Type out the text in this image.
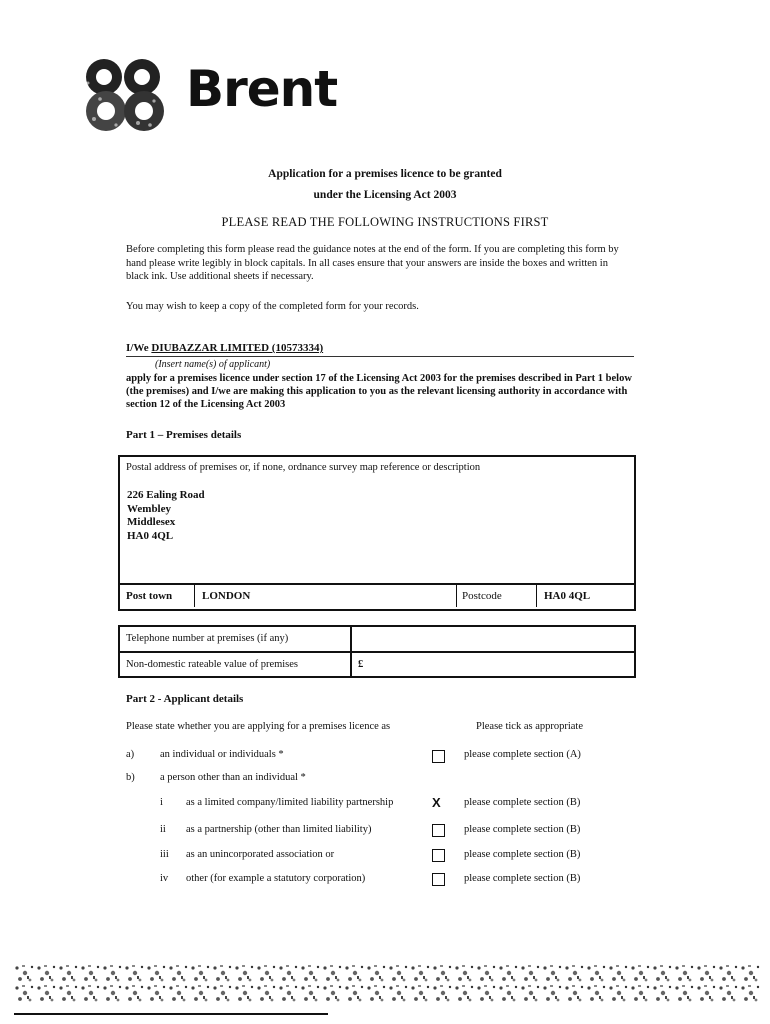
Brent
Application for a premises licence to be granted
under the Licensing Act 2003
PLEASE READ THE FOLLOWING INSTRUCTIONS FIRST
Before completing this form please read the guidance notes at the end of the form. If you are completing this form by hand please write legibly in block capitals. In all cases ensure that your answers are inside the boxes and written in black ink. Use additional sheets if necessary.
You may wish to keep a copy of the completed form for your records.
I/We DIUBAZZAR LIMITED (10573334)
(Insert name(s) of applicant)
apply for a premises licence under section 17 of the Licensing Act 2003 for the premises described in Part 1 below (the premises) and I/we are making this application to you as the relevant licensing authority in accordance with section 12 of the Licensing Act 2003
Part 1 – Premises details
Postal address of premises or, if none, ordnance survey map reference or description
226 Ealing Road
Wembley
Middlesex
HA0 4QL
Post town	LONDON	Postcode	HA0 4QL
Telephone number at premises (if any)
Non-domestic rateable value of premises	£
Part 2 - Applicant details
Please state whether you are applying for a premises licence as	Please tick as appropriate
a) an individual or individuals *	please complete section (A)
b) a person other than an individual *
i as a limited company/limited liability partnership	X please complete section (B)
ii as a partnership (other than limited liability)	please complete section (B)
iii as an unincorporated association or	please complete section (B)
iv other (for example a statutory corporation)	please complete section (B)
